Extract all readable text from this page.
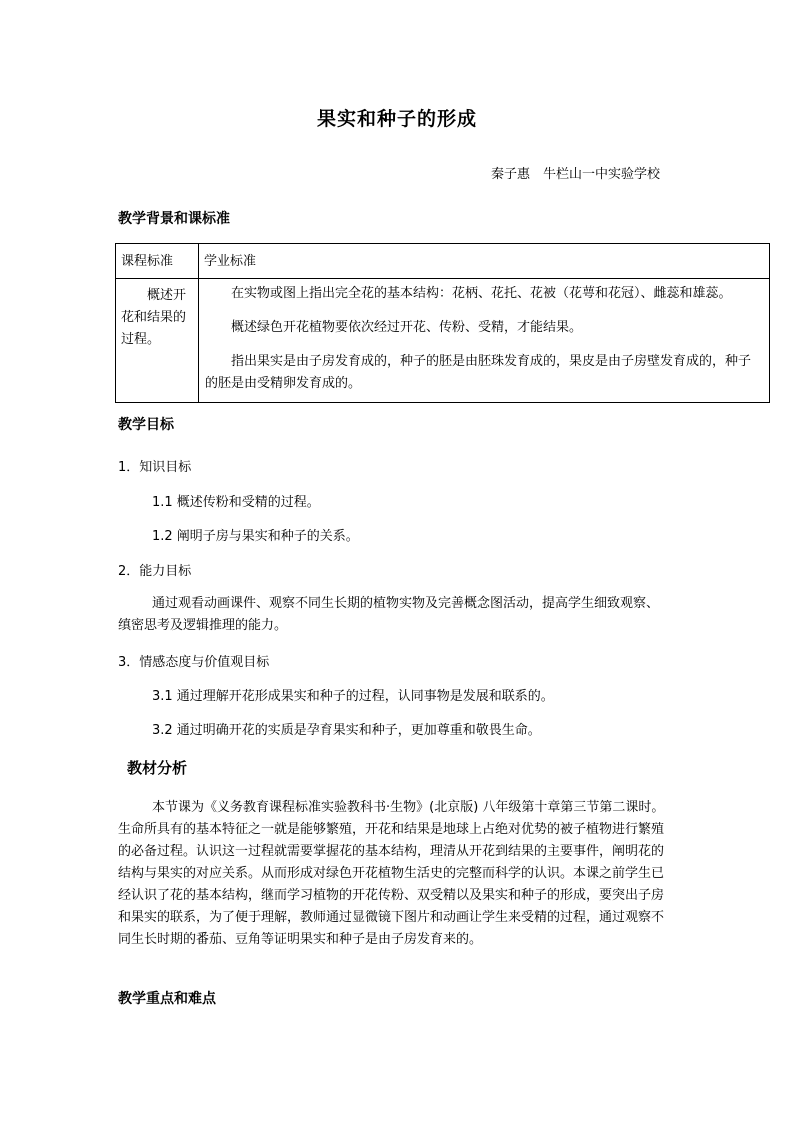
果实和种子的形成
秦子惠　牛栏山一中实验学校
教学背景和课标准
课程标准	学业标准
概述开花和结果的过程。	在实物或图上指出完全花的基本结构：花柄、花托、花被（花萼和花冠）、雌蕊和雄蕊。

概述绿色开花植物要依次经过开花、传粉、受精，才能结果。

指出果实是由子房发育成的，种子的胚是由胚珠发育成的，果皮是由子房壁发育成的，种子的胚是由受精卵发育成的。

教学目标
1．知识目标
1.1 概述传粉和受精的过程。
1.2 阐明子房与果实和种子的关系。
2．能力目标
通过观看动画课件、观察不同生长期的植物实物及完善概念图活动，提高学生细致观察、缜密思考及逻辑推理的能力。
3．情感态度与价值观目标
3.1 通过理解开花形成果实和种子的过程，认同事物是发展和联系的。
3.2 通过明确开花的实质是孕育果实和种子，更加尊重和敬畏生命。
教材分析
本节课为《义务教育课程标准实验教科书·生物》(北京版) 八年级第十章第三节第二课时。生命所具有的基本特征之一就是能够繁殖，开花和结果是地球上占绝对优势的被子植物进行繁殖的必备过程。认识这一过程就需要掌握花的基本结构，理清从开花到结果的主要事件，阐明花的结构与果实的对应关系。从而形成对绿色开花植物生活史的完整而科学的认识。本课之前学生已经认识了花的基本结构，继而学习植物的开花传粉、双受精以及果实和种子的形成，要突出子房和果实的联系，为了便于理解，教师通过显微镜下图片和动画让学生来受精的过程，通过观察不同生长时期的番茄、豆角等证明果实和种子是由子房发育来的。
教学重点和难点
